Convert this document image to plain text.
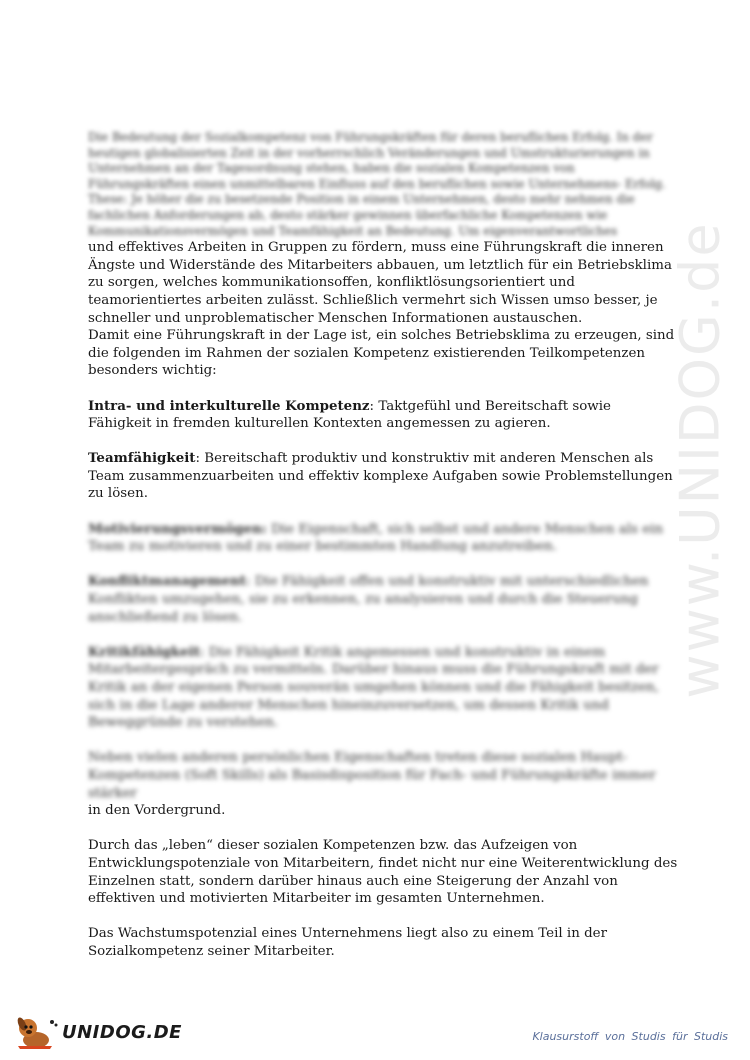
www.UNIDOG.de

Die Bedeutung der Sozialkompetenz von Führungskräften für deren beruflichen Erfolg. In der heutigen globalisierten Zeit in der vorherrschlich Veränderungen und Umstrukturierungen in Unternehmen an der Tagesordnung stehen, haben die sozialen Kompetenzen von Führungskräften einen unmittelbaren Einfluss auf den beruflichen sowie Unternehmens- Erfolg.

These: Je höher die zu besetzende Position in einem Unternehmen, desto mehr nehmen die fachlichen Anforderungen ab, desto stärker gewinnen überfachliche Kompetenzen wie Kommunikationsvermögen und Teamfähigkeit an Bedeutung. Um eigenverantwortliches

und effektives Arbeiten in Gruppen zu fördern, muss eine Führungskraft die inneren Ängste und Widerstände des Mitarbeiters abbauen, um letztlich für ein Betriebsklima zu sorgen, welches kommunikationsoffen, konfliktlösungsorientiert und teamorientiertes arbeiten zulässt. Schließlich vermehrt sich Wissen umso besser, je schneller und unproblematischer Menschen Informationen austauschen.

Damit eine Führungskraft in der Lage ist, ein solches Betriebsklima zu erzeugen, sind die folgenden im Rahmen der sozialen Kompetenz existierenden Teilkompetenzen besonders wichtig:

Intra- und interkulturelle Kompetenz: Taktgefühl und Bereitschaft sowie Fähigkeit in fremden kulturellen Kontexten angemessen zu agieren.

Teamfähigkeit: Bereitschaft produktiv und konstruktiv mit anderen Menschen als Team zusammenzuarbeiten und effektiv komplexe Aufgaben sowie Problemstellungen zu lösen.

Motivierungsvermögen: Die Eigenschaft, sich selbst und andere Menschen als ein Team zu motivieren und zu einer bestimmten Handlung anzutreiben.

Konfliktmanagement: Die Fähigkeit offen und konstruktiv mit unterschiedlichen Konflikten umzugehen, sie zu erkennen, zu analysieren und durch die Steuerung anschließend zu lösen.

Kritikfähigkeit: Die Fähigkeit Kritik angemessen und konstruktiv in einem Mitarbeitergespräch zu vermitteln. Darüber hinaus muss die Führungskraft mit der Kritik an der eigenen Person souverän umgehen können und die Fähigkeit besitzen, sich in die Lage anderer Menschen hineinzuversetzen, um dessen Kritik und Beweggründe zu verstehen.

Neben vielen anderen persönlichen Eigenschaften treten diese sozialen Haupt-Kompetenzen (Soft Skills) als Basisdisposition für Fach- und Führungskräfte immer stärker

in den Vordergrund.

Durch das „leben“ dieser sozialen Kompetenzen bzw. das Aufzeigen von Entwicklungspotenziale von Mitarbeitern, findet nicht nur eine Weiterentwicklung des Einzelnen statt, sondern darüber hinaus auch eine Steigerung der Anzahl von effektiven und motivierten Mitarbeiter im gesamten Unternehmen.

Das Wachstumspotenzial eines Unternehmens liegt also zu einem Teil in der Sozialkompetenz seiner Mitarbeiter.

UNIDOG.DE	Klausurstoff von Studis für Studis
